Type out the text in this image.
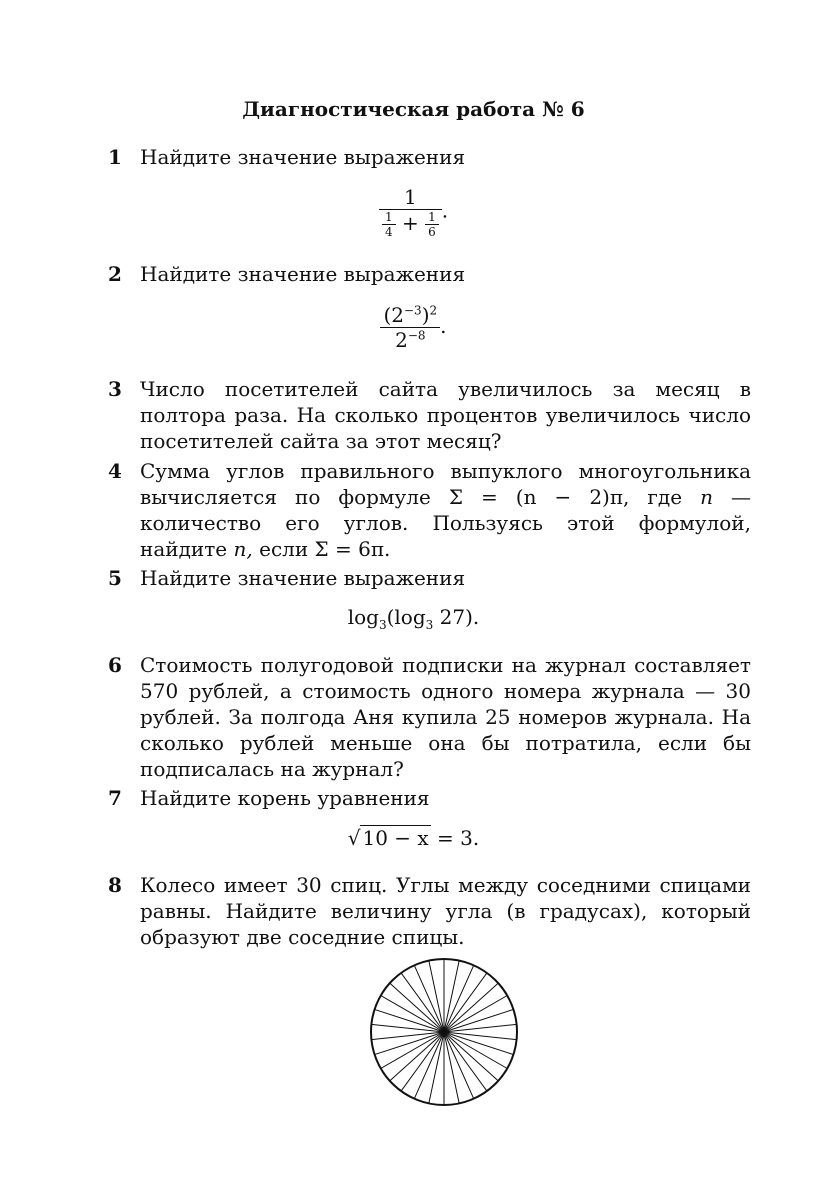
Диагностическая работа № 6
1 Найдите значение выражения
$\frac{1}{\frac{1}{4} + \frac{1}{6}}$ .
2 Найдите значение выражения
$\frac{(2^{-3})^2}{2^{-8}}$ .
3 Число посетителей сайта увеличилось за месяц в полтора раза. На сколько процентов увеличилось число посетителей сайта за этот месяц?
4 Сумма углов правильного выпуклого многоугольника вычисляется по формуле Σ = (n − 2)π, где n — количество его углов. Пользуясь этой формулой, найдите n, если Σ = 6π.
5 Найдите значение выражения
$\log_3(\log_3$ 27).
6 Стоимость полугодовой подписки на журнал составляет 570 рублей, а стоимость одного номера журнала — 30 рублей. За полгода Аня купила 25 номеров журнала. На сколько рублей меньше она бы потратила, если бы подписалась на журнал?
7 Найдите корень уравнения
√ 10 − x = 3.
8 Колесо имеет 30 спиц. Углы между соседними спицами равны. Найдите величину угла (в градусах), который образуют две соседние спицы.
